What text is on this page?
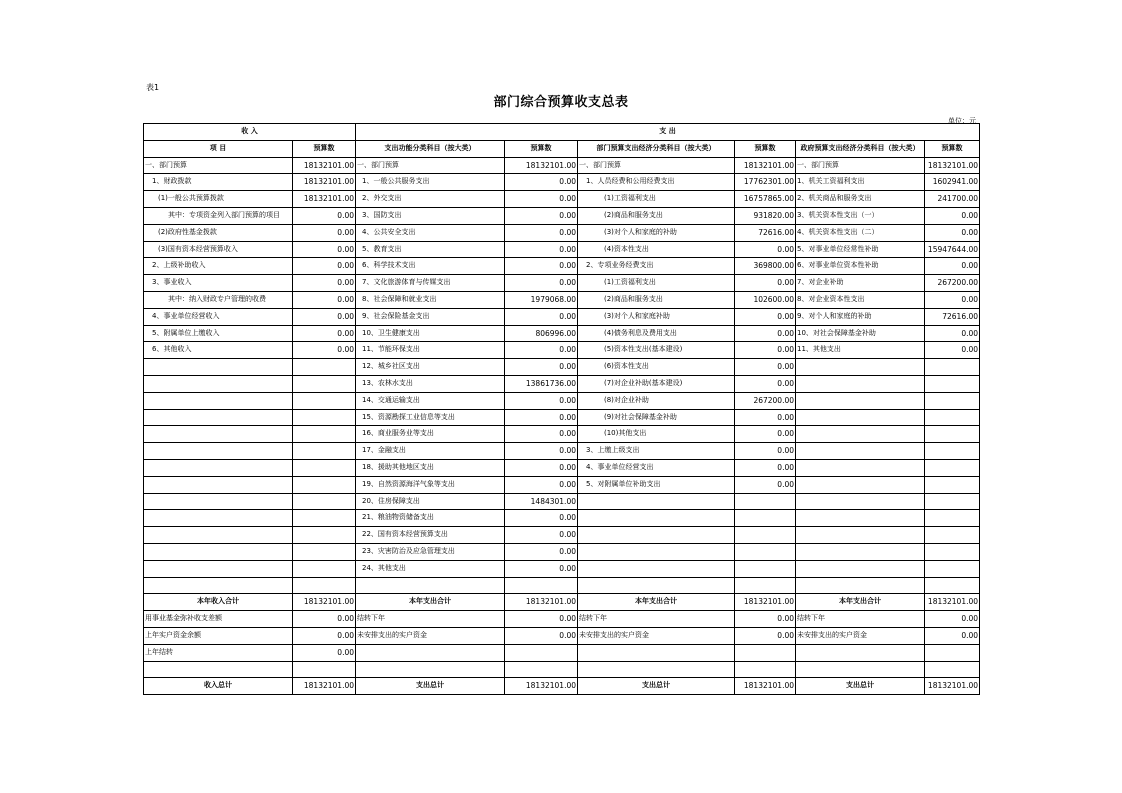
表1
部门综合预算收支总表
单位：元
收 入		支 出					
项 目	预算数	支出功能分类科目（按大类）	预算数	部门预算支出经济分类科目（按大类）	预算数	政府预算支出经济分类科目（按大类）	预算数
一、部门预算	18132101.00	一、部门预算	18132101.00	一、部门预算	18132101.00	一、部门预算	18132101.00
1、财政拨款	18132101.00	1、一般公共服务支出	0.00	1、人员经费和公用经费支出	17762301.00	1、机关工资福利支出	1602941.00
(1)一般公共预算拨款	18132101.00	2、外交支出	0.00	(1)工资福利支出	16757865.00	2、机关商品和服务支出	241700.00
其中：专项资金列入部门预算的项目	0.00	3、国防支出	0.00	(2)商品和服务支出	931820.00	3、机关资本性支出（一）	0.00
(2)政府性基金拨款	0.00	4、公共安全支出	0.00	(3)对个人和家庭的补助	72616.00	4、机关资本性支出（二）	0.00
(3)国有资本经营预算收入	0.00	5、教育支出	0.00	(4)资本性支出	0.00	5、对事业单位经常性补助	15947644.00
2、上级补助收入	0.00	6、科学技术支出	0.00	2、专项业务经费支出	369800.00	6、对事业单位资本性补助	0.00
3、事业收入	0.00	7、文化旅游体育与传媒支出	0.00	(1)工资福利支出	0.00	7、对企业补助	267200.00
其中：纳入财政专户管理的收费	0.00	8、社会保障和就业支出	1979068.00	(2)商品和服务支出	102600.00	8、对企业资本性支出	0.00
4、事业单位经营收入	0.00	9、社会保险基金支出	0.00	(3)对个人和家庭补助	0.00	9、对个人和家庭的补助	72616.00
5、附属单位上缴收入	0.00	10、卫生健康支出	806996.00	(4)债务利息及费用支出	0.00	10、对社会保障基金补助	0.00
6、其他收入	0.00	11、节能环保支出	0.00	(5)资本性支出(基本建设)	0.00	11、其他支出	0.00
		12、城乡社区支出	0.00	(6)资本性支出	0.00		
		13、农林水支出	13861736.00	(7)对企业补助(基本建设)	0.00		
		14、交通运输支出	0.00	(8)对企业补助	267200.00		
		15、资源勘探工业信息等支出	0.00	(9)对社会保障基金补助	0.00		
		16、商业服务业等支出	0.00	(10)其他支出	0.00		
		17、金融支出	0.00	3、上缴上级支出	0.00		
		18、援助其他地区支出	0.00	4、事业单位经营支出	0.00		
		19、自然资源海洋气象等支出	0.00	5、对附属单位补助支出	0.00		
		20、住房保障支出	1484301.00				
		21、粮油物资储备支出	0.00				
		22、国有资本经营预算支出	0.00				
		23、灾害防治及应急管理支出	0.00				
		24、其他支出	0.00				

本年收入合计	18132101.00	本年支出合计	18132101.00	本年支出合计	18132101.00	本年支出合计	18132101.00
用事业基金弥补收支差额	0.00	结转下年	0.00	结转下年	0.00	结转下年	0.00
上年实户资金余额	0.00	未安排支出的实户资金	0.00	未安排支出的实户资金	0.00	未安排支出的实户资金	0.00
上年结转	0.00						

收入总计	18132101.00	支出总计	18132101.00	支出总计	18132101.00	支出总计	18132101.00
